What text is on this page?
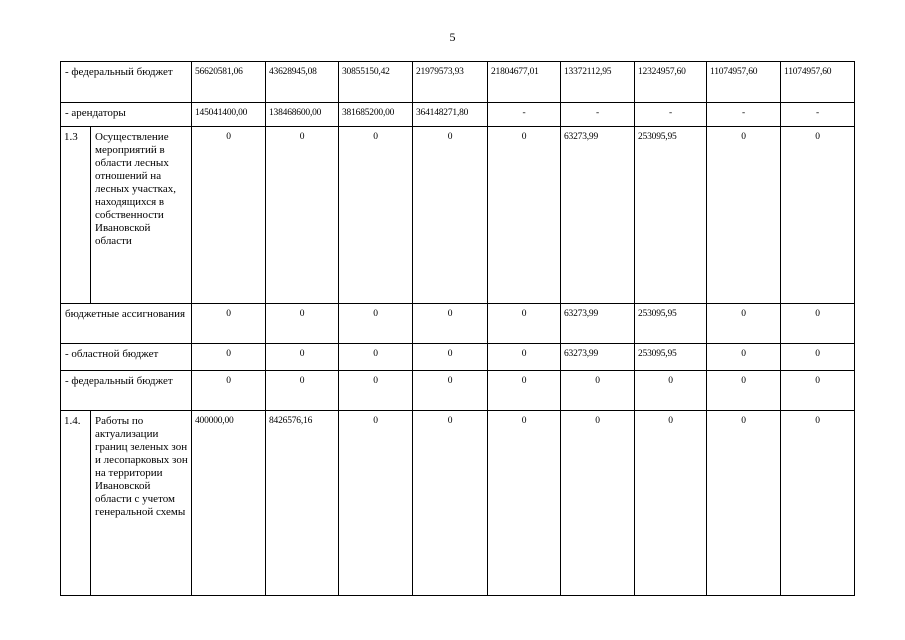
5
- федеральный бюджет		56620581,06	43628945,08	30855150,42	21979573,93	21804677,01	13372112,95	12324957,60	11074957,60	11074957,60
- арендаторы		145041400,00	138468600,00	381685200,00	364148271,80	-	-	-	-	-
1.3	Осуществление мероприятий в области лесных отношений на лесных участках, находящихся в собственности Ивановской области	0	0	0	0	0	63273,99	253095,95	0	0
бюджетные ассигнования		0	0	0	0	0	63273,99	253095,95	0	0
- областной бюджет		0	0	0	0	0	63273,99	253095,95	0	0
- федеральный бюджет		0	0	0	0	0	0	0	0	0
1.4.	Работы по актуализации границ зеленых зон и лесопарковых зон на территории Ивановской области с учетом генеральной схемы	400000,00	8426576,16	0	0	0	0	0	0	0
